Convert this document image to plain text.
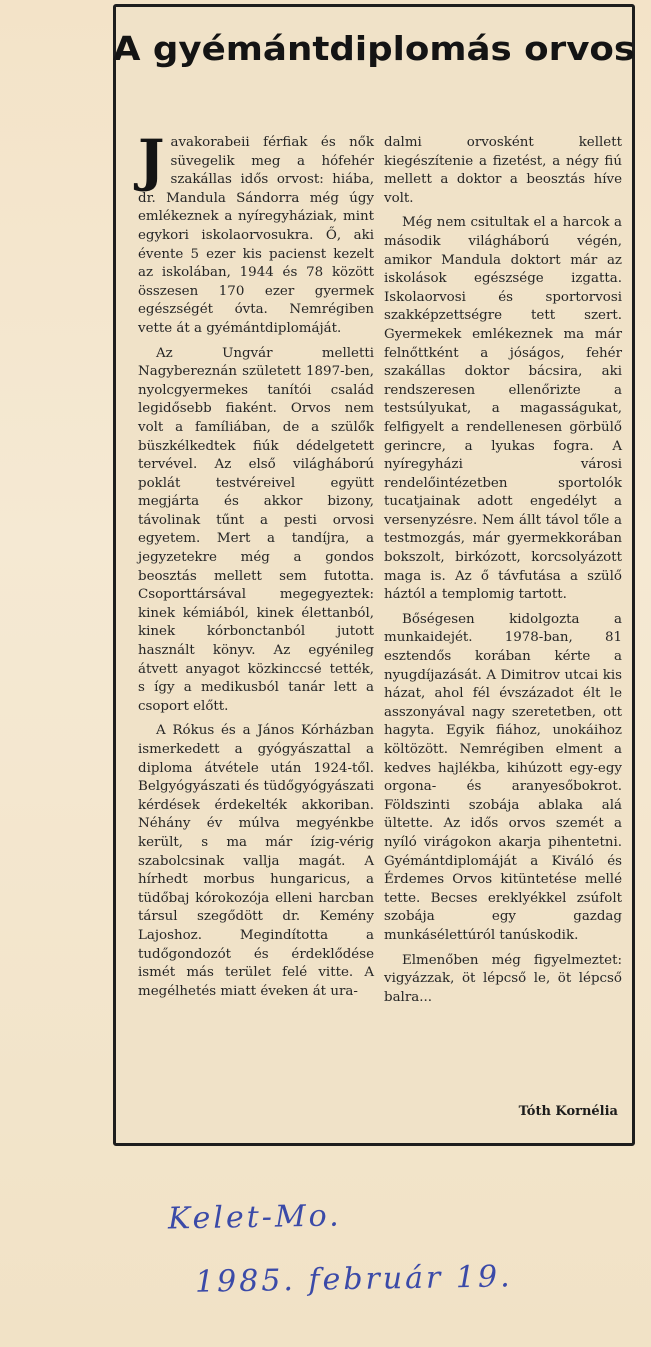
A gyémántdiplomás orvos

Javakorabeii férfiak és nők süvegelik meg a hófehér szakállas idős orvost: hiába, dr. Mandula Sándorra még úgy emlékeznek a nyíregyháziak, mint egykori iskolaorvosukra. Ő, aki évente 5 ezer kis pacienst kezelt az iskolában, 1944 és 78 között összesen 170 ezer gyermek egészségét óvta. Nemrégiben vette át a gyémántdiplomáját.

Az Ungvár melletti Nagybereznán született 1897-ben, nyolcgyermekes tanítói család legidősebb fiaként. Orvos nem volt a famíliában, de a szülők büszkélkedtek fiúk dédelgetett tervével. Az első világháború poklát testvéreivel együtt megjárta és akkor bizony, távolinak tűnt a pesti orvosi egyetem. Mert a tandíjra, a jegyzetekre még a gondos beosztás mellett sem futotta. Csoporttársával megegyeztek: kinek kémiából, kinek élettanból, kinek kórbonctanból jutott használt könyv. Az egyénileg átvett anyagot közkinccsé tették, s így a medikusból tanár lett a csoport előtt.

A Rókus és a János Kórházban ismerkedett a gyógyászattal a diploma átvétele után 1924-től. Belgyógyászati és tüdőgyógyászati kérdések érdekelték akkoriban. Néhány év múlva megyénkbe került, s ma már ízig-vérig szabolcsinak vallja magát. A hírhedt morbus hungaricus, a tüdőbaj kórokozója elleni harcban társul szegődött dr. Kemény Lajoshoz. Megindította a tudőgondozót és érdeklődése ismét más terület felé vitte. A megélhetés miatt éveken át ura-

dalmi orvosként kellett kiegészítenie a fizetést, a négy fiú mellett a doktor a beosztás híve volt.

Még nem csitultak el a harcok a második világháború végén, amikor Mandula doktort már az iskolások egészsége izgatta. Iskolaorvosi és sportorvosi szakképzettségre tett szert. Gyermekek emlékeznek ma már felnőttként a jóságos, fehér szakállas doktor bácsira, aki rendszeresen ellenőrizte a testsúlyukat, a magasságukat, felfigyelt a rendellenesen görbülő gerincre, a lyukas fogra. A nyíregyházi városi rendelőintézetben sportolók tucatjainak adott engedélyt a versenyzésre. Nem állt távol tőle a testmozgás, már gyermekkorában bokszolt, birkózott, korcsolyázott maga is. Az ő távfutása a szülő háztól a templomig tartott.

Bőségesen kidolgozta a munkaidejét. 1978-ban, 81 esztendős korában kérte a nyugdíjazását. A Dimitrov utcai kis házat, ahol fél évszázadot élt le asszonyával nagy szeretetben, ott hagyta. Egyik fiához, unokáihoz költözött. Nemrégiben elment a kedves hajlékba, kihúzott egy-egy orgona- és aranyesőbokrot. Földszinti szobája ablaka alá ültette. Az idős orvos szemét a nyíló virágokon akarja pihentetni. Gyémántdiplomáját a Kiváló és Érdemes Orvos kitüntetése mellé tette. Becses ereklyékkel zsúfolt szobája egy gazdag munkásélettúról tanúskodik.

Elmenőben még figyelmeztet: vigyázzak, öt lépcső le, öt lépcső balra...

Tóth Kornélia
Kelet-Mo.
1985. február 19.
